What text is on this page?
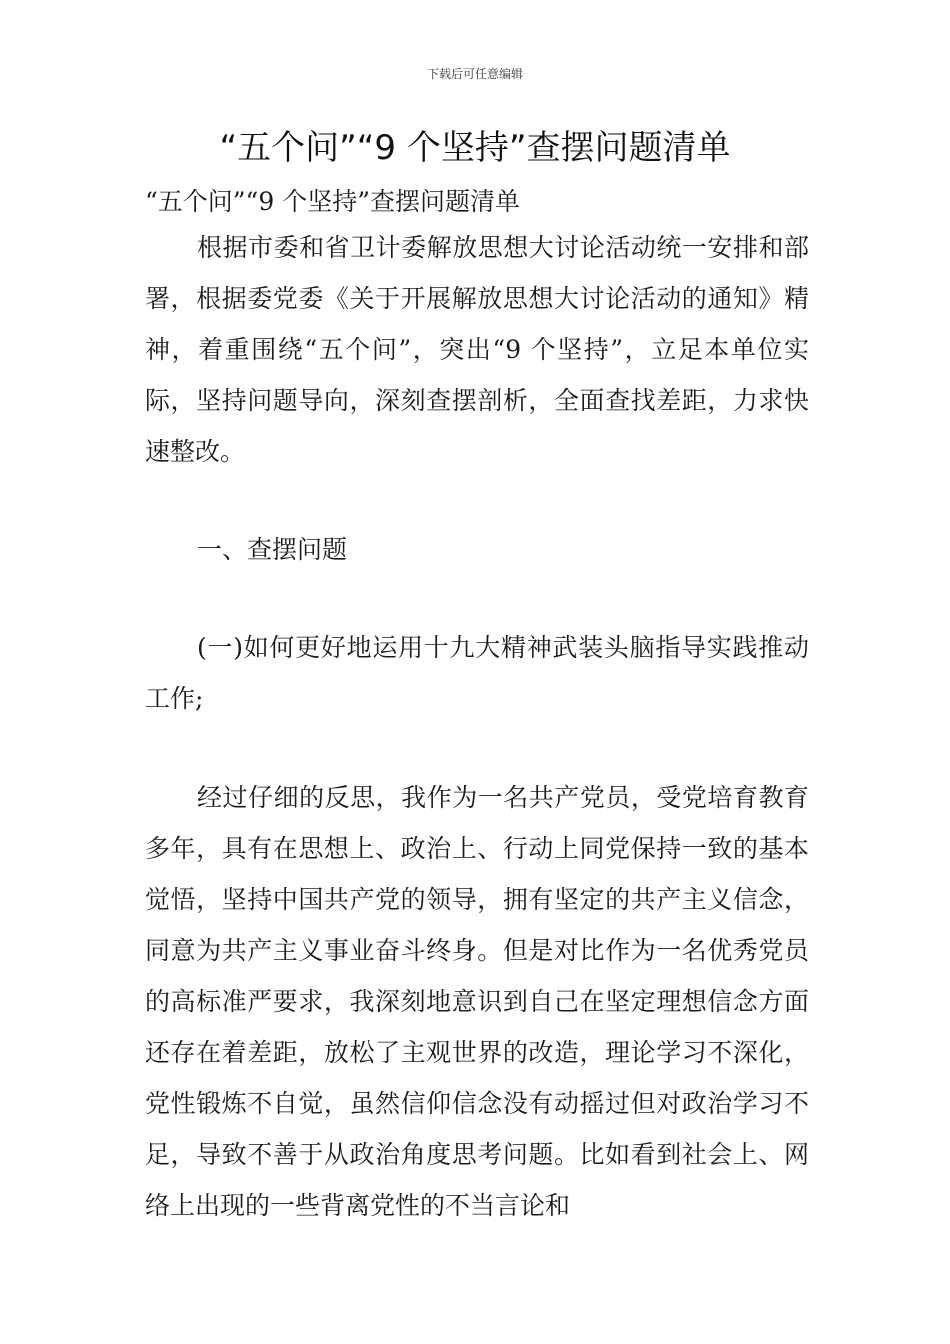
下载后可任意编辑
“五个问”“9 个坚持”查摆问题清单

“五个问”“9 个坚持”查摆问题清单

根据市委和省卫计委解放思想大讨论活动统一安排和部署，根据委党委《关于开展解放思想大讨论活动的通知》精神，着重围绕“五个问”，突出“9 个坚持”，立足本单位实际，坚持问题导向，深刻查摆剖析，全面查找差距，力求快速整改。

一、查摆问题

(一)如何更好地运用十九大精神武装头脑指导实践推动工作;

经过仔细的反思，我作为一名共产党员，受党培育教育多年，具有在思想上、政治上、行动上同党保持一致的基本觉悟，坚持中国共产党的领导，拥有坚定的共产主义信念，同意为共产主义事业奋斗终身。但是对比作为一名优秀党员的高标准严要求，我深刻地意识到自己在坚定理想信念方面还存在着差距，放松了主观世界的改造，理论学习不深化，党性锻炼不自觉，虽然信仰信念没有动摇过但对政治学习不足，导致不善于从政治角度思考问题。比如看到社会上、网络上出现的一些背离党性的不当言论和
